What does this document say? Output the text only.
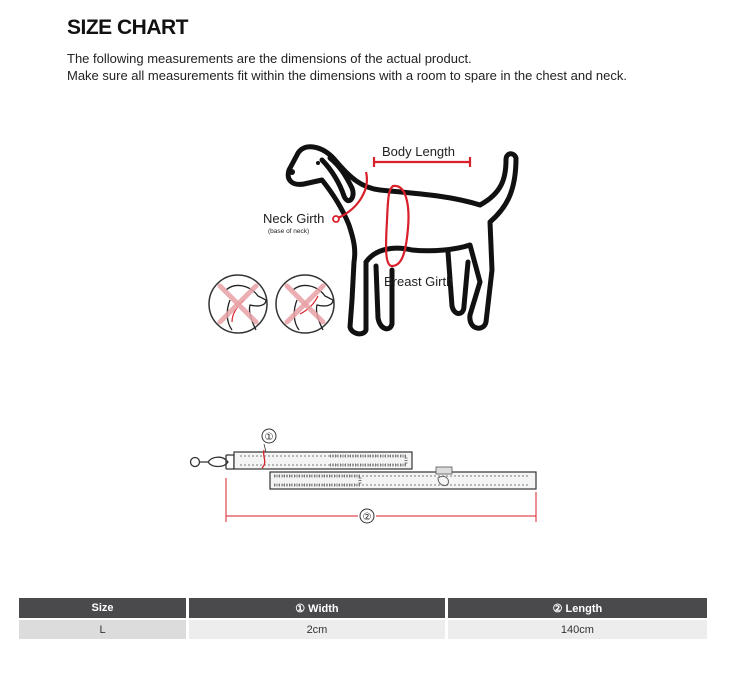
SIZE CHART
The following measurements are the dimensions of the actual product.
Make sure all measurements fit within the dimensions with a room to spare in the chest and neck.
Body Length
Neck Girth
(base of neck)
Breast Girth
①
②
Size	① Width	② Length
L	2cm	140cm
